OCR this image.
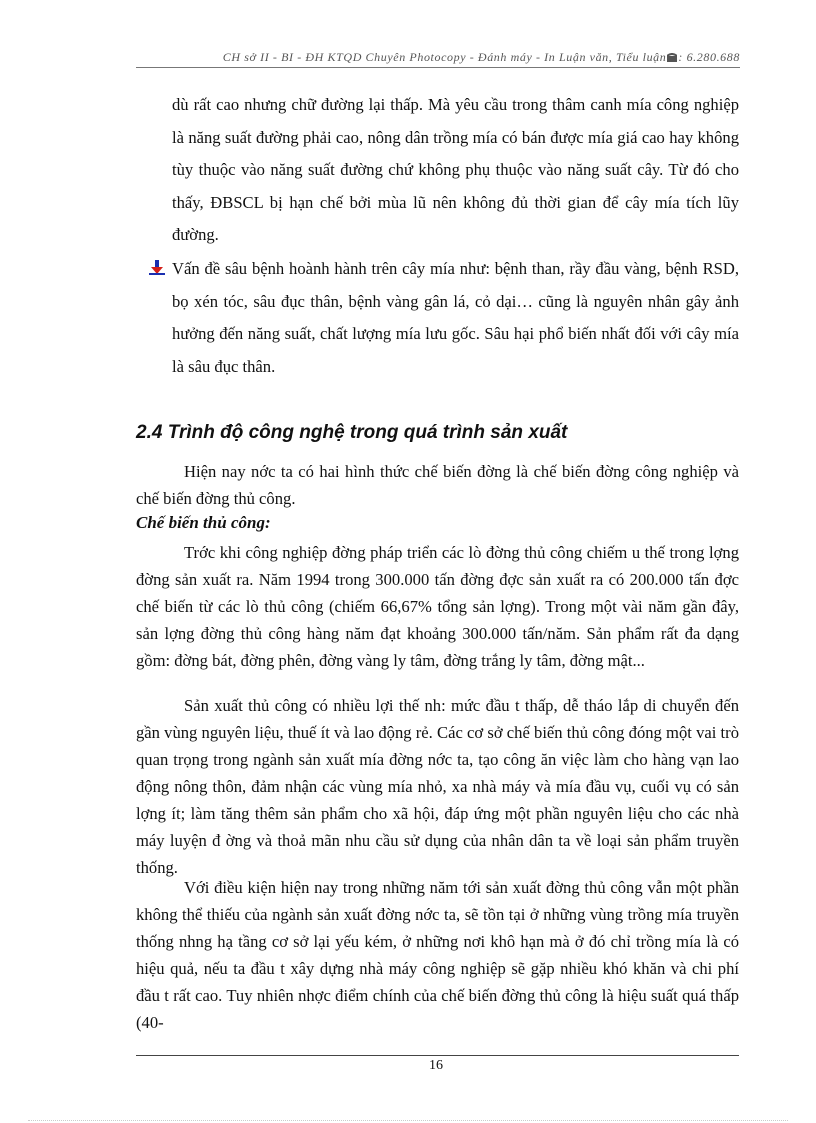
CH sở II - BI - ĐH KTQD Chuyên Photocopy - Đánh máy - In Luận văn, Tiểu luận : 6.280.688
dù rất cao nhưng chữ đường lại thấp. Mà yêu cầu trong thâm canh mía công nghiệp là năng suất đường phải cao, nông dân trồng mía có bán được mía giá cao hay không tùy thuộc vào năng suất đường chứ không phụ thuộc vào năng suất cây. Từ đó cho thấy, ĐBSCL bị hạn chế bởi mùa lũ nên không đủ thời gian để cây mía tích lũy đường.
Vấn đề sâu bệnh hoành hành trên cây mía như: bệnh than, rầy đầu vàng, bệnh RSD, bọ xén tóc, sâu đục thân, bệnh vàng gân lá, cỏ dại… cũng là nguyên nhân gây ảnh hưởng đến năng suất, chất lượng mía lưu gốc. Sâu hại phổ biến nhất đối với cây mía là sâu đục thân.
2.4 Trình độ công nghệ trong quá trình sản xuất
Hiện nay nớc ta có hai hình thức chế biến đờng là chế biến đờng công nghiệp và chế biến đờng thủ công.
Chế biến thủ công:
Trớc khi công nghiệp đờng pháp triển các lò đờng thủ công chiếm u thế trong lợng đờng sản xuất ra. Năm 1994 trong 300.000 tấn đờng đợc sản xuất ra có 200.000 tấn đợc chế biến từ các lò thủ công (chiếm 66,67% tổng sản lợng). Trong một vài năm gần đây, sản lợng đờng thủ công hàng năm đạt khoảng 300.000 tấn/năm. Sản phẩm rất đa dạng gồm: đờng bát, đờng phên, đờng vàng ly tâm, đờng trắng ly tâm, đờng mật...
Sản xuất thủ công có nhiều lợi thế nh: mức đầu t thấp, dễ tháo lắp di chuyển đến gần vùng nguyên liệu, thuế ít và lao động rẻ. Các cơ sở chế biến thủ công đóng một vai trò quan trọng trong ngành sản xuất mía đờng nớc ta, tạo công ăn việc làm cho hàng vạn lao động nông thôn, đảm nhận các vùng mía nhỏ, xa nhà máy và mía đầu vụ, cuối vụ có sản lợng ít; làm tăng thêm sản phẩm cho xã hội, đáp ứng một phần nguyên liệu cho các nhà máy luyện đ ờng và thoả mãn nhu cầu sử dụng của nhân dân ta về loại sản phẩm truyền thống.
Với điều kiện hiện nay trong những năm tới sản xuất đờng thủ công vẫn một phần không thể thiếu của ngành sản xuất đờng nớc ta, sẽ tồn tại ở những vùng trồng mía truyền thống nhng hạ tầng cơ sở lại yếu kém, ở những nơi khô hạn mà ở đó chỉ trồng mía là có hiệu quả, nếu ta đầu t xây dựng nhà máy công nghiệp sẽ gặp nhiều khó khăn và chi phí đầu t rất cao. Tuy nhiên nhợc điểm chính của chế biến đờng thủ công là hiệu suất quá thấp (40-
16
